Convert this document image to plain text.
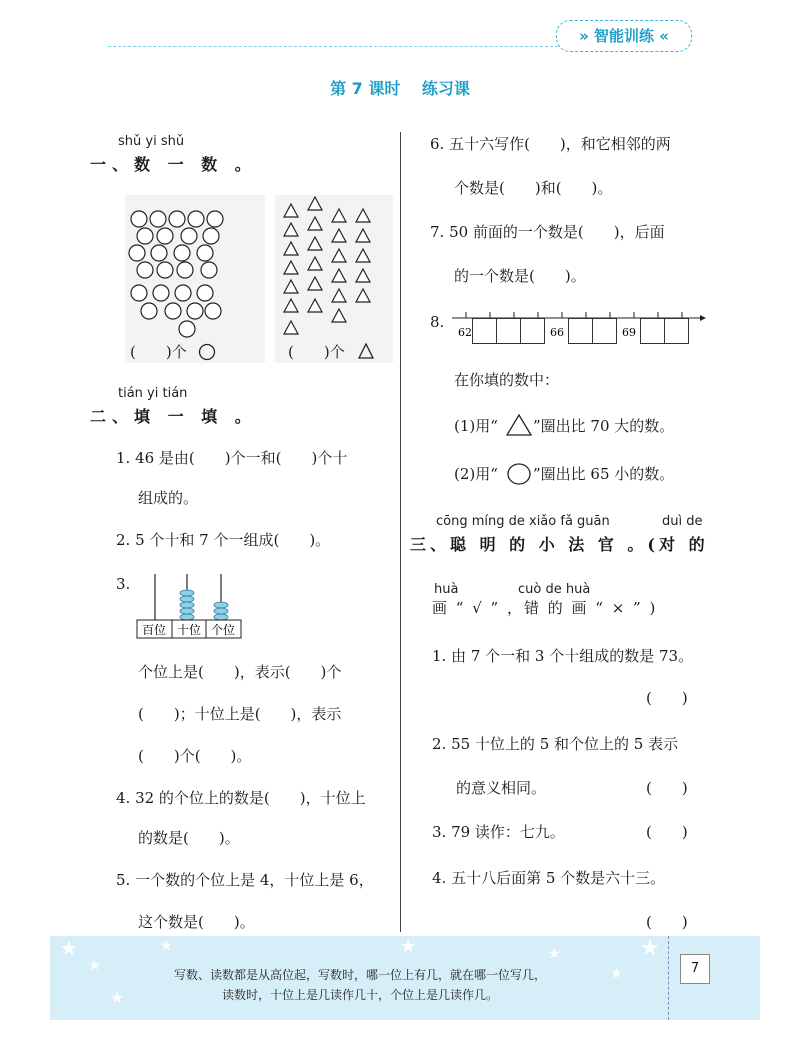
» 智能训练 «
第 7 课时　 练习课
shǔ yi shǔ
一、数 一 数 。
(　　)个	(　　)个
tián yi tián
二、填 一 填 。
1. 46 是由(　　)个一和(　　)个十
组成的。
2. 5 个十和 7 个一组成(　　)。
3.
百位 十位 个位
个位上是(　　)，表示(　　)个
(　　)；十位上是(　　)，表示
(　　)个(　　)。
4. 32 的个位上的数是(　　)，十位上
的数是(　　)。
5. 一个数的个位上是 4，十位上是 6，
这个数是(　　)。
6. 五十六写作(　　)，和它相邻的两
个数是(　　)和(　　)。
7. 50 前面的一个数是(　　)，后面
的一个数是(　　)。
8.
62	66	69
在你填的数中：
(1)用“ ”圈出比 70 大的数。
(2)用“ ”圈出比 65 小的数。
cōng míng de xiǎo fǎ guān	duì de
三、聪 明 的 小 法 官 。(对 的
huà	cuò de huà
画 “ √ ” ，错 的 画 “ × ” )
1. 由 7 个一和 3 个十组成的数是 73。
(　　)
2. 55 十位上的 5 和个位上的 5 表示
的意义相同。	(　　)
3. 79 读作：七九。	(　　)
4. 五十八后面第 5 个数是六十三。
(　　)
★
★
★
★	★	★	★
★
写数、读数都是从高位起，写数时，哪一位上有几，就在哪一位写几，
读数时，十位上是几读作几十，个位上是几读作几。
7
